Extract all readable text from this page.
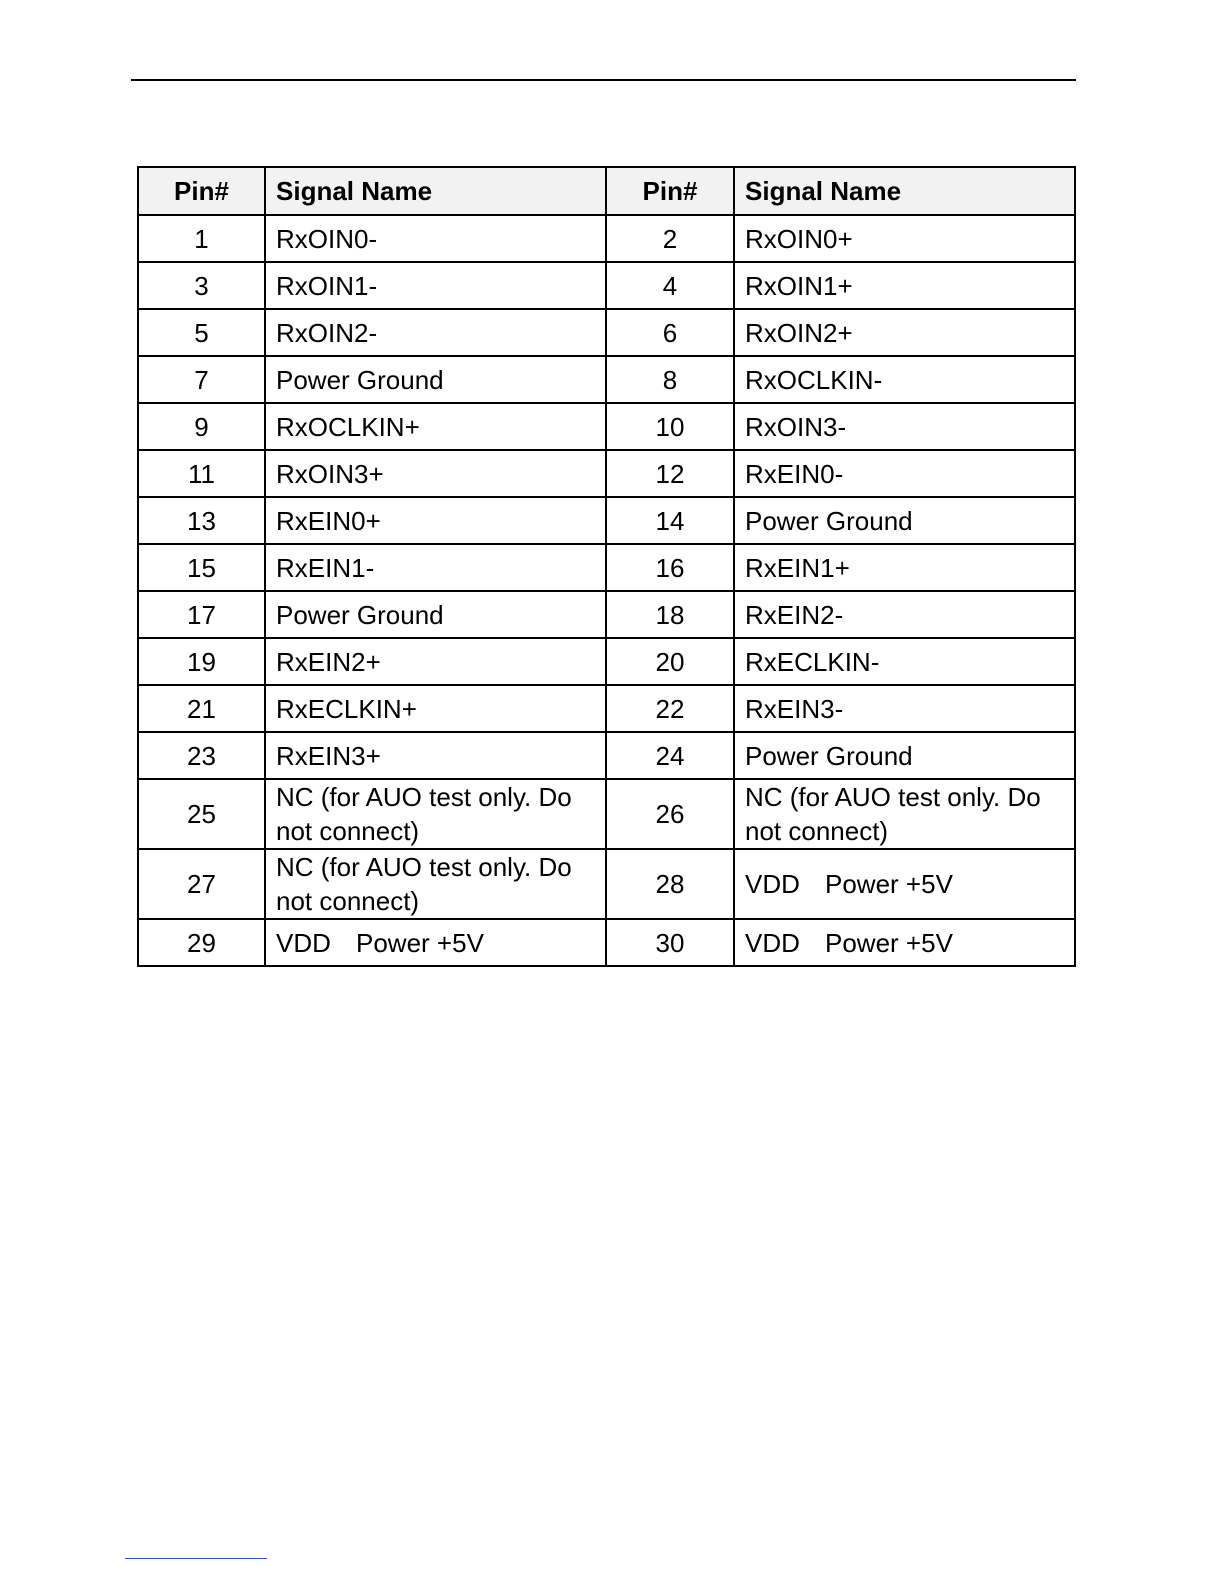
Pin#	Signal Name	Pin#	Signal Name
1	RxOIN0-	2	RxOIN0+
3	RxOIN1-	4	RxOIN1+
5	RxOIN2-	6	RxOIN2+
7	Power Ground	8	RxOCLKIN-
9	RxOCLKIN+	10	RxOIN3-
11	RxOIN3+	12	RxEIN0-
13	RxEIN0+	14	Power Ground
15	RxEIN1-	16	RxEIN1+
17	Power Ground	18	RxEIN2-
19	RxEIN2+	20	RxECLKIN-
21	RxECLKIN+	22	RxEIN3-
23	RxEIN3+	24	Power Ground
25	NC (for AUO test only. Do not connect)	26	NC (for AUO test only. Do not connect)
27	NC (for AUO test only. Do not connect)	28	VDD Power +5V
29	VDD Power +5V	30	VDD Power +5V
